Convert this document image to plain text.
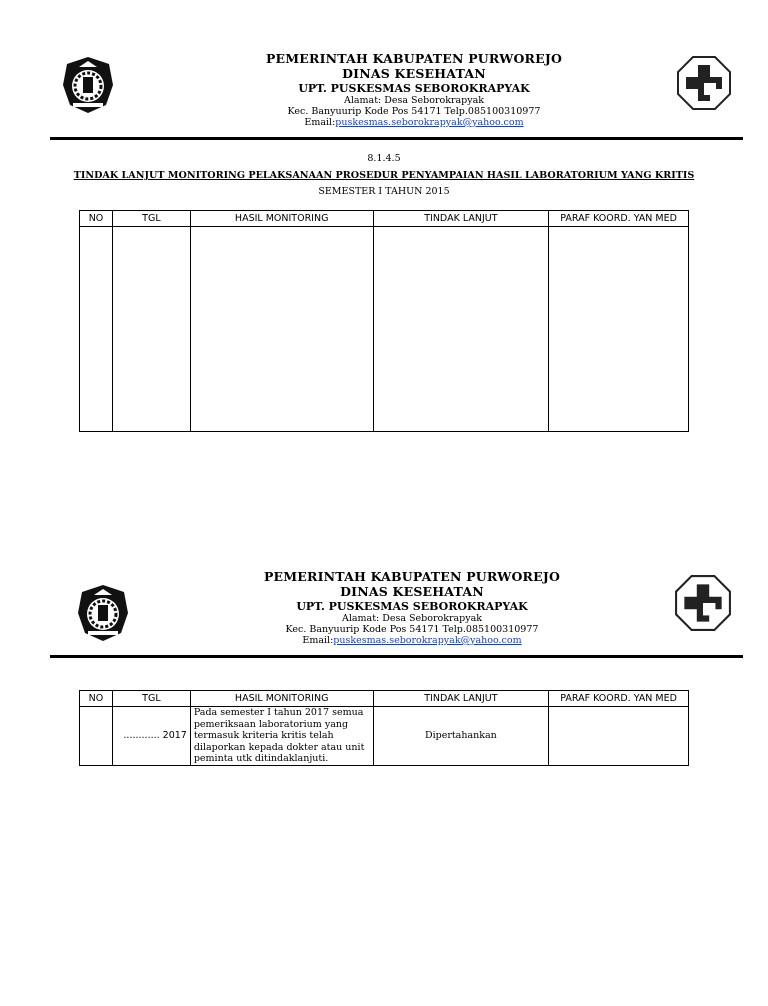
PEMERINTAH KABUPATEN PURWOREJO
DINAS KESEHATAN
UPT. PUSKESMAS SEBOROKRAPYAK
Alamat: Desa Seborokrapyak
Kec. Banyuurip Kode Pos 54171 Telp.085100310977
Email:puskesmas.seborokrapyak@yahoo.com
8.1.4.5
TINDAK LANJUT MONITORING PELAKSANAAN PROSEDUR PENYAMPAIAN HASIL LABORATORIUM YANG KRITIS
SEMESTER I TAHUN 2015
NO	TGL	HASIL MONITORING	TINDAK LANJUT	PARAF KOORD. YAN MED

PEMERINTAH KABUPATEN PURWOREJO
DINAS KESEHATAN
UPT. PUSKESMAS SEBOROKRAPYAK
Alamat: Desa Seborokrapyak
Kec. Banyuurip Kode Pos 54171 Telp.085100310977
Email:puskesmas.seborokrapyak@yahoo.com
NO	TGL	HASIL MONITORING	TINDAK LANJUT	PARAF KOORD. YAN MED
	............ 2017	Pada semester I tahun 2017 semua pemeriksaan laboratorium yang termasuk kriteria kritis telah dilaporkan kepada dokter atau unit peminta utk ditindaklanjuti.	Dipertahankan	
